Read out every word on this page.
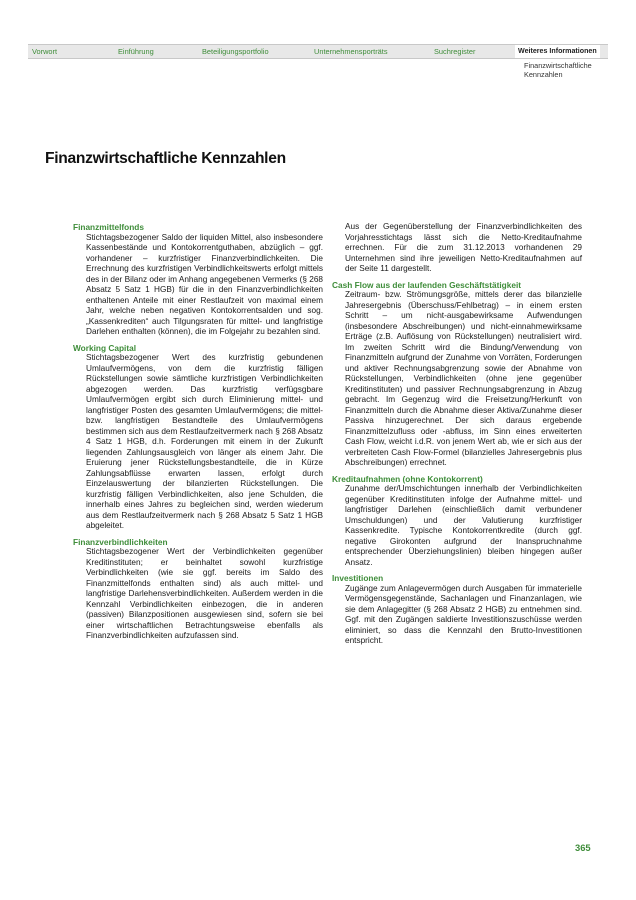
Vorwort	Einführung	Beteiligungsportfolio	Unternehmensporträts	Suchregister	Weiteres Informationen
Finanzwirtschaftliche
Kennzahlen
Finanzwirtschaftliche Kennzahlen
Finanzmittelfonds

Stichtagsbezogener Saldo der liquiden Mittel, also insbesondere Kassenbestände und Kontokorrentguthaben, abzüglich – ggf. vorhandener – kurzfristiger Finanzverbindlichkeiten. Die Errechnung des kurzfristigen Verbindlichkeitswerts erfolgt mittels des in der Bilanz oder im Anhang angegebenen Vermerks (§ 268 Absatz 5 Satz 1 HGB) für die in den Finanzverbindlichkeiten enthaltenen Anteile mit einer Restlaufzeit von maximal einem Jahr, welche neben negativen Kontokorrentsalden und sog. „Kassenkrediten“ auch Tilgungsraten für mittel- und langfristige Darlehen enthalten (können), die im Folgejahr zu bezahlen sind.

Working Capital

Stichtagsbezogener Wert des kurzfristig gebundenen Umlaufvermögens, von dem die kurzfristig fälligen Rückstellungen sowie sämtliche kurzfristigen Verbindlichkeiten abgezogen werden. Das kurzfristig verfügsgbare Umlaufvermögen ergibt sich durch Eliminierung mittel- und langfristiger Posten des gesamten Umlaufvermögens; die mittel- bzw. langfristigen Bestandteile des Umlaufvermögens bestimmen sich aus dem Restlaufzeitvermerk nach § 268 Absatz 4 Satz 1 HGB, d.h. Forderungen mit einem in der Zukunft liegenden Zahlungsausgleich von länger als einem Jahr. Die Eruierung jener Rückstellungsbestandteile, die in Kürze Zahlungsabflüsse erwarten lassen, erfolgt durch Einzelauswertung der bilanzierten Rückstellungen. Die kurzfristig fälligen Verbindlichkeiten, also jene Schulden, die innerhalb eines Jahres zu begleichen sind, werden wiederum aus dem Restlaufzeitvermerk nach § 268 Absatz 5 Satz 1 HGB abgeleitet.

Finanzverbindlichkeiten

Stichtagsbezogener Wert der Verbindlichkeiten gegenüber Kreditinstituten; er beinhaltet sowohl kurzfristige Verbindlichkeiten (wie sie ggf. bereits im Saldo des Finanzmittelfonds enthalten sind) als auch mittel- und langfristige Darlehensverbindlichkeiten. Außerdem werden in die Kennzahl Verbindlichkeiten einbezogen, die in anderen (passiven) Bilanzpositionen ausgewiesen sind, sofern sie bei einer wirtschaftlichen Betrachtungsweise ebenfalls als Finanzverbindlichkeiten aufzufassen sind.

Aus der Gegenüberstellung der Finanzverbindlichkeiten des Vorjahresstichtags lässt sich die Netto-Kreditaufnahme errechnen. Für die zum 31.12.2013 vorhandenen 29 Unternehmen sind ihre jeweiligen Netto-Kreditaufnahmen auf der Seite 11 dargestellt.

Cash Flow aus der laufenden Geschäftstätigkeit

Zeitraum- bzw. Strömungsgröße, mittels derer das bilanzielle Jahresergebnis (Überschuss/Fehlbetrag) – in einem ersten Schritt – um nicht-ausgabewirksame Aufwendungen (insbesondere Abschreibungen) und nicht-einnahmewirksame Erträge (z.B. Auflösung von Rückstellungen) neutralisiert wird. Im zweiten Schritt wird die Bindung/Verwendung von Finanzmitteln aufgrund der Zunahme von Vorräten, Forderungen und aktiver Rechnungsabgrenzung sowie der Abnahme von Rückstellungen, Verbindlichkeiten (ohne jene gegenüber Kreditinstituten) und passiver Rechnungsabgrenzung in Abzug gebracht. Im Gegenzug wird die Freisetzung/Herkunft von Finanzmitteln durch die Abnahme dieser Aktiva/Zunahme dieser Passiva hinzugerechnet. Der sich daraus ergebende Finanzmittelzufluss oder -abfluss, im Sinn eines erweiterten Cash Flow, weicht i.d.R. von jenem Wert ab, wie er sich aus der verbreiteten Cash Flow-Formel (bilanzielles Jahresergebnis plus Abschreibungen) errechnet.

Kreditaufnahmen (ohne Kontokorrent)

Zunahme der/Umschichtungen innerhalb der Verbindlichkeiten gegenüber Kreditinstituten infolge der Aufnahme mittel- und langfristiger Darlehen (einschließlich damit verbundener Umschuldungen) und der Valutierung kurzfristiger Kassenkredite. Typische Kontokorrentkredite (durch ggf. negative Girokonten aufgrund der Inanspruchnahme entsprechender Überziehungslinien) bleiben hingegen außer Ansatz.

Investitionen

Zugänge zum Anlagevermögen durch Ausgaben für immaterielle Vermögensgegenstände, Sachanlagen und Finanzanlagen, wie sie dem Anlagegitter (§ 268 Absatz 2 HGB) zu entnehmen sind. Ggf. mit den Zugängen saldierte Investitionszuschüsse werden eliminiert, so dass die Kennzahl den Brutto-Investitionen entspricht.

365
